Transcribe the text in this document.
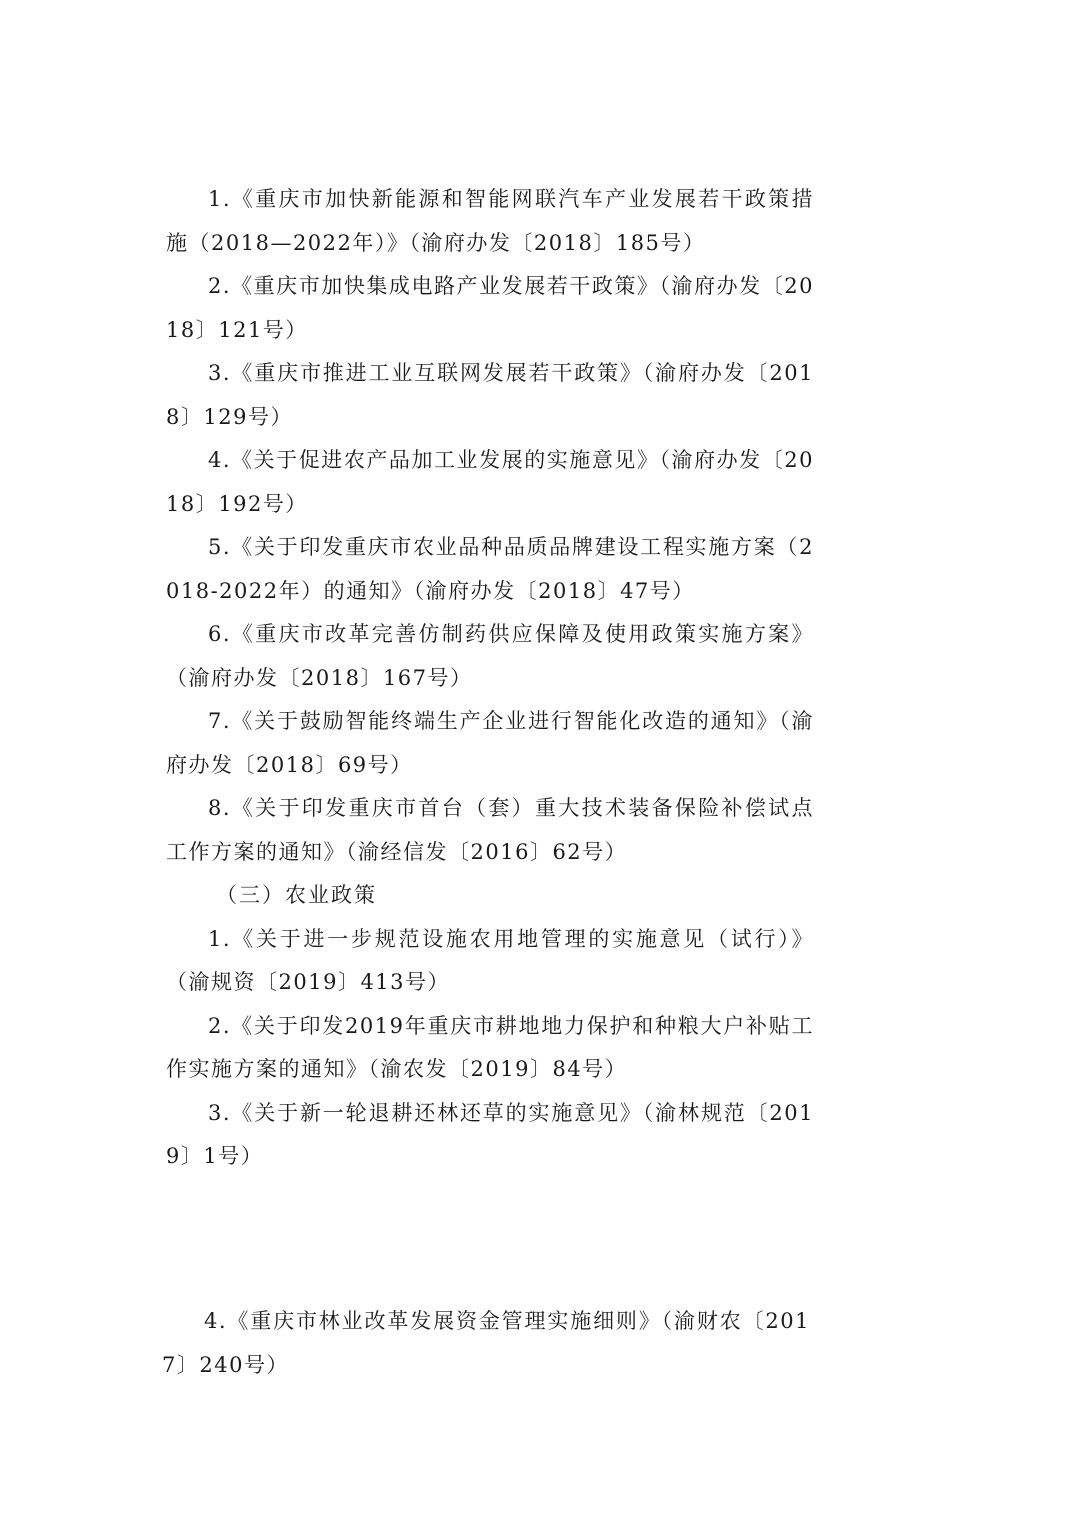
1.《重庆市加快新能源和智能网联汽车产业发展若干政策措施（2018—2022年）》（渝府办发〔2018〕185号）

2.《重庆市加快集成电路产业发展若干政策》（渝府办发〔2018〕121号）

3.《重庆市推进工业互联网发展若干政策》（渝府办发〔2018〕129号）

4.《关于促进农产品加工业发展的实施意见》（渝府办发〔2018〕192号）

5.《关于印发重庆市农业品种品质品牌建设工程实施方案（2018-2022年）的通知》（渝府办发〔2018〕47号）

6.《重庆市改革完善仿制药供应保障及使用政策实施方案》（渝府办发〔2018〕167号）

7.《关于鼓励智能终端生产企业进行智能化改造的通知》（渝府办发〔2018〕69号）

8.《关于印发重庆市首台（套）重大技术装备保险补偿试点工作方案的通知》（渝经信发〔2016〕62号）

（三）农业政策

1.《关于进一步规范设施农用地管理的实施意见（试行）》（渝规资〔2019〕413号）

2.《关于印发2019年重庆市耕地地力保护和种粮大户补贴工作实施方案的通知》（渝农发〔2019〕84号）

3.《关于新一轮退耕还林还草的实施意见》（渝林规范〔2019〕1号）

4.《重庆市林业改革发展资金管理实施细则》（渝财农〔2017〕240号）
